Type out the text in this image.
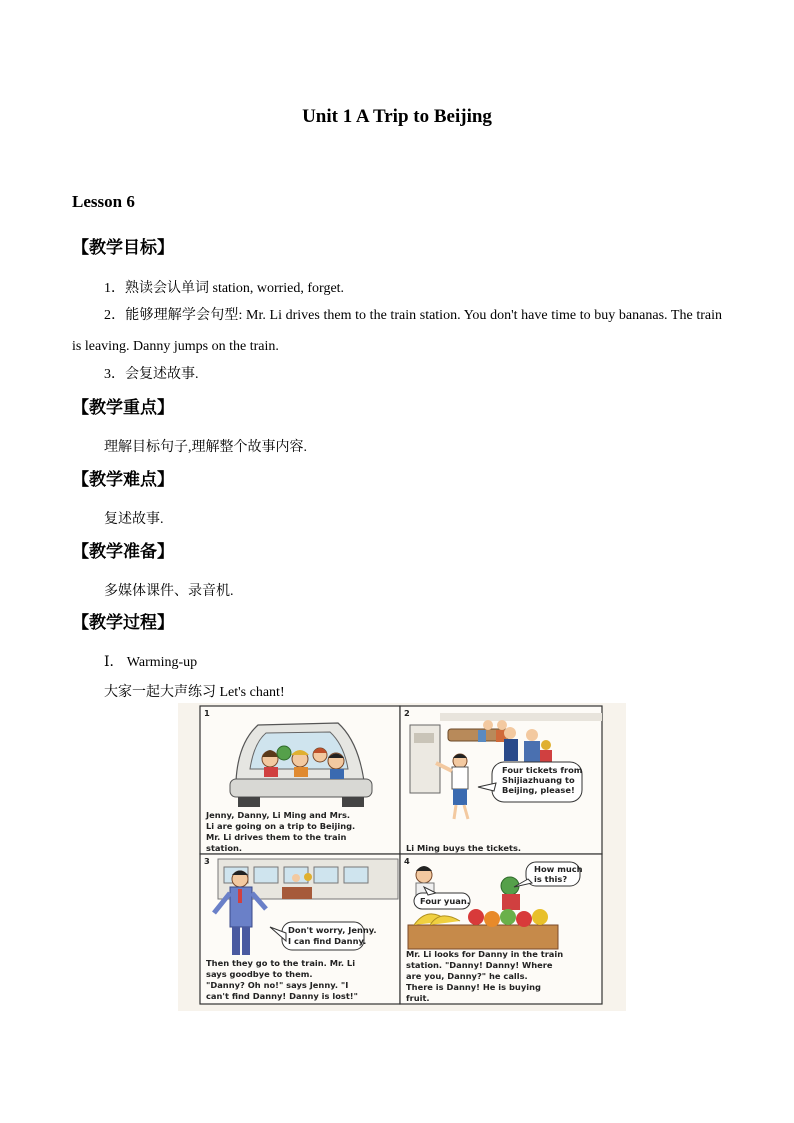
Unit 1 A Trip to Beijing
Lesson 6
【教学目标】
1．熟读会认单词 station, worried, forget.
2．能够理解学会句型: Mr. Li drives them to the train station. You don't have time to buy bananas. The train is leaving. Danny jumps on the train.
3．会复述故事.
【教学重点】
理解目标句子,理解整个故事内容.
【教学难点】
复述故事.
【教学准备】
多媒体课件、录音机.
【教学过程】
Ⅰ． Warming-up
大家一起大声练习 Let's chant!
1	2
3	4
Jenny, Danny, Li Ming and Mrs. Li are going on a trip to Beijing. Mr. Li drives them to the train station.
Four tickets from Shijiazhuang to Beijing, please!
Li Ming buys the tickets.
Don't worry, Jenny. I can find Danny.
Then they go to the train. Mr. Li says goodbye to them. "Danny? Oh no!" says Jenny. "I can't find Danny! Danny is lost!"
How much is this?
Four yuan.
Mr. Li looks for Danny in the train station. "Danny! Danny! Where are you, Danny?" he calls. There is Danny! He is buying fruit.
